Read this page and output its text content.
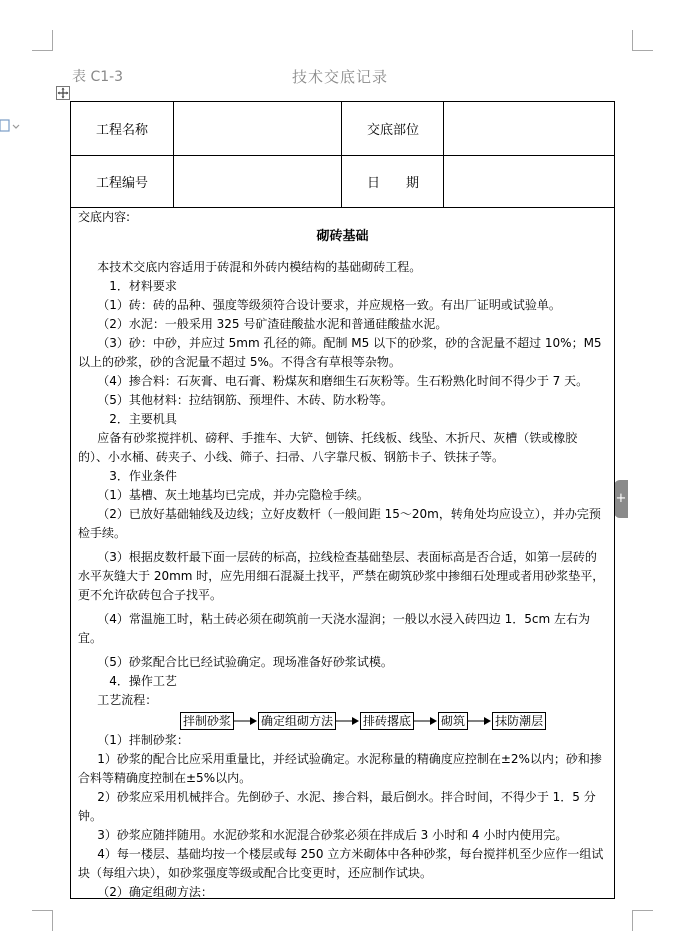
表 C1-3	技术交底记录
+
工程名称	交底部位
工程编号	日　　期

交底内容:

砌砖基础

本技术交底内容适用于砖混和外砖内模结构的基础砌砖工程。

1．材料要求

（1）砖：砖的品种、强度等级须符合设计要求，并应规格一致。有出厂证明或试验单。

（2）水泥：一般采用 325 号矿渣硅酸盐水泥和普通硅酸盐水泥。

（3）砂：中砂，并应过 5mm 孔径的筛。配制 M5 以下的砂浆，砂的含泥量不超过 10%；M5 以上的砂浆，砂的含泥量不超过 5%。不得含有草根等杂物。

（4）掺合料：石灰膏、电石膏、粉煤灰和磨细生石灰粉等。生石粉熟化时间不得少于 7 天。

（5）其他材料：拉结钢筋、预埋件、木砖、防水粉等。

2．主要机具

应备有砂浆搅拌机、磅秤、手推车、大铲、刨锛、托线板、线坠、木折尺、灰槽（铁或橡胶的）、小水桶、砖夹子、小线、筛子、扫帚、八字靠尺板、钢筋卡子、铁抹子等。

3．作业条件

（1）基槽、灰土地基均已完成，并办完隐检手续。

（2）已放好基础轴线及边线；立好皮数杆（一般间距 15～20m，转角处均应设立），并办完预检手续。

（3）根据皮数杆最下面一层砖的标高，拉线检查基础垫层、表面标高是否合适，如第一层砖的水平灰缝大于 20mm 时，应先用细石混凝土找平，严禁在砌筑砂浆中掺细石处理或者用砂浆垫平，更不允许砍砖包合子找平。

（4）常温施工时，粘土砖必须在砌筑前一天浇水湿润；一般以水浸入砖四边 1．5cm 左右为宜。

（5）砂浆配合比已经试验确定。现场准备好砂浆试模。

4．操作工艺

工艺流程：

拌制砂浆	确定组砌方法	排砖撂底	砌筑	抹防潮层

（1）拌制砂浆：

1）砂浆的配合比应采用重量比，并经试验确定。水泥称量的精确度应控制在±2%以内；砂和掺合料等精确度控制在±5%以内。

2）砂浆应采用机械拌合。先倒砂子、水泥、掺合料，最后倒水。拌合时间，不得少于 1．5 分钟。

3）砂浆应随拌随用。水泥砂浆和水泥混合砂浆必须在拌成后 3 小时和 4 小时内使用完。

4）每一楼层、基础均按一个楼层或每 250 立方米砌体中各种砂浆，每台搅拌机至少应作一组试块（每组六块），如砂浆强度等级或配合比变更时，还应制作试块。

（2）确定组砌方法：
